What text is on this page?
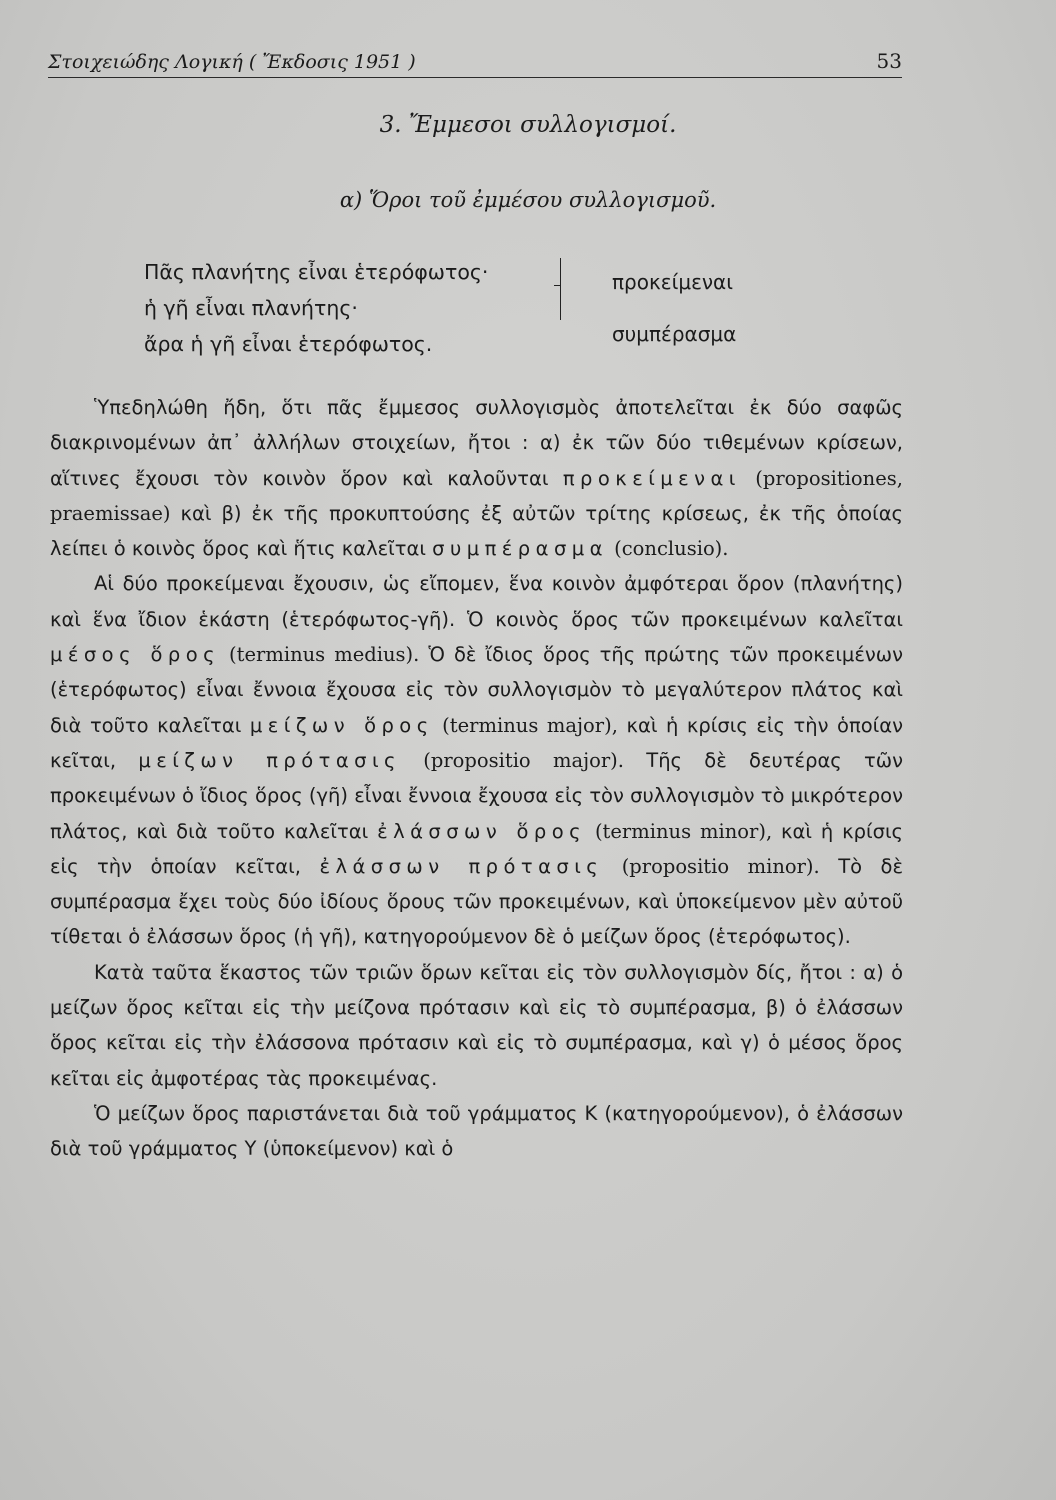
Στοιχειώδης Λογική ( Ἔκδοσις 1951 )	53
3. Ἔμμεσοι συλλογισμοί.
α) Ὅροι τοῦ ἐμμέσου συλλογισμοῦ.
Πᾶς πλανήτης εἶναι ἑτερόφωτος·
ἡ γῆ εἶναι πλανήτης·
ἄρα ἡ γῆ εἶναι ἑτερόφωτος.
προκείμεναι
συμπέρασμα

Ὑπεδηλώθη ἤδη, ὅτι πᾶς ἔμμεσος συλλογισμὸς ἀποτελεῖται ἐκ δύο σαφῶς διακρινομένων ἀπ᾽ ἀλλήλων στοιχείων, ἤτοι : α) ἐκ τῶν δύο τιθεμένων κρίσεων, αἵτινες ἔχουσι τὸν κοινὸν ὅρον καὶ καλοῦνται προκείμεναι (propositiones, praemissae) καὶ β) ἐκ τῆς προκυπτούσης ἐξ αὐτῶν τρίτης κρίσεως, ἐκ τῆς ὁποίας λείπει ὁ κοινὸς ὅρος καὶ ἥτις καλεῖται συμπέρασμα (conclusio).

Αἱ δύο προκείμεναι ἔχουσιν, ὡς εἴπομεν, ἕνα κοινὸν ἀμφότεραι ὅρον (πλανήτης) καὶ ἕνα ἴδιον ἑκάστη (ἑτερόφωτος-γῆ). Ὁ κοινὸς ὅρος τῶν προκειμένων καλεῖται μέσος ὅρος (terminus medius). Ὁ δὲ ἴδιος ὅρος τῆς πρώτης τῶν προκειμένων (ἑτερόφωτος) εἶναι ἔννοια ἔχουσα εἰς τὸν συλλογισμὸν τὸ μεγαλύτερον πλάτος καὶ διὰ τοῦτο καλεῖται μείζων ὅρος (terminus major), καὶ ἡ κρίσις εἰς τὴν ὁποίαν κεῖται, μείζων πρότασις (propositio major). Τῆς δὲ δευτέρας τῶν προκειμένων ὁ ἴδιος ὅρος (γῆ) εἶναι ἔννοια ἔχουσα εἰς τὸν συλλογισμὸν τὸ μικρότερον πλάτος, καὶ διὰ τοῦτο καλεῖται ἐλάσσων ὅρος (terminus minor), καὶ ἡ κρίσις εἰς τὴν ὁποίαν κεῖται, ἐλάσσων πρότασις (propositio minor). Τὸ δὲ συμπέρασμα ἔχει τοὺς δύο ἰδίους ὅρους τῶν προκειμένων, καὶ ὑποκείμενον μὲν αὐτοῦ τίθεται ὁ ἐλάσσων ὅρος (ἡ γῆ), κατηγορούμενον δὲ ὁ μείζων ὅρος (ἑτερόφωτος).

Κατὰ ταῦτα ἕκαστος τῶν τριῶν ὅρων κεῖται εἰς τὸν συλλογισμὸν δίς, ἤτοι : α) ὁ μείζων ὅρος κεῖται εἰς τὴν μείζονα πρότασιν καὶ εἰς τὸ συμπέρασμα, β) ὁ ἐλάσσων ὅρος κεῖται εἰς τὴν ἐλάσσονα πρότασιν καὶ εἰς τὸ συμπέρασμα, καὶ γ) ὁ μέσος ὅρος κεῖται εἰς ἀμφοτέρας τὰς προκειμένας.

Ὁ μείζων ὅρος παριστάνεται διὰ τοῦ γράμματος Κ (κατηγορούμενον), ὁ ἐλάσσων διὰ τοῦ γράμματος Υ (ὑποκείμενον) καὶ ὁ
